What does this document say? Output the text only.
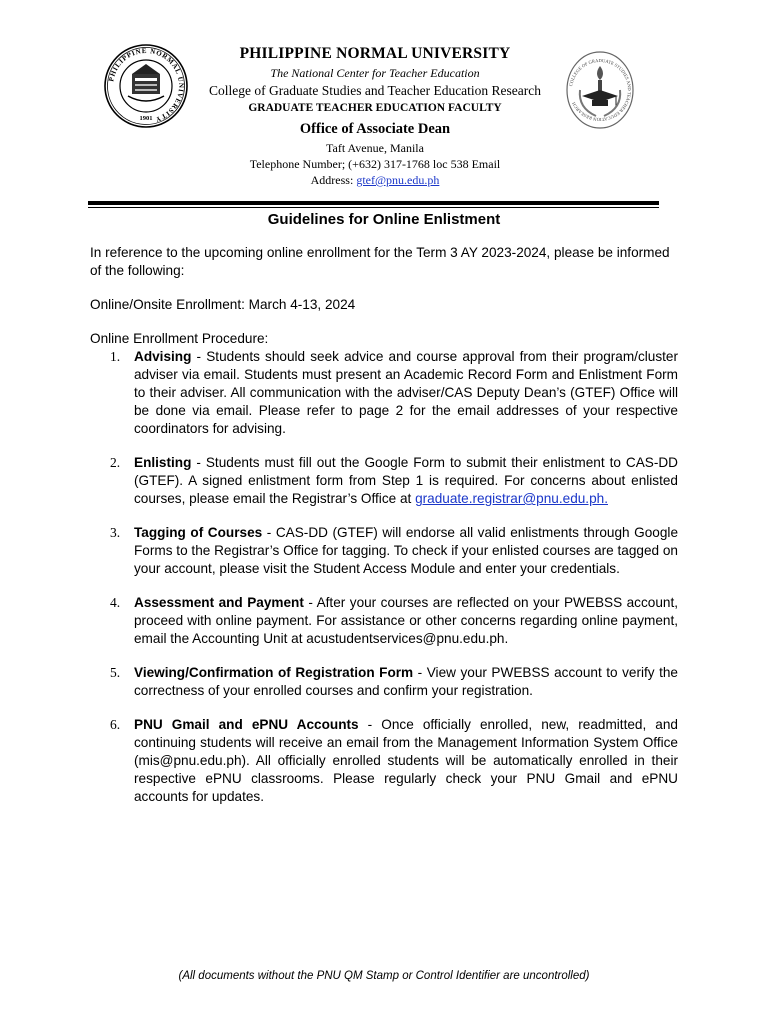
PHILIPPINE NORMAL UNIVERSITY
1901
PHILIPPINE NORMAL UNIVERSITY
The National Center for Teacher Education
College of Graduate Studies and Teacher Education Research
GRADUATE TEACHER EDUCATION FACULTY
Office of Associate Dean
Taft Avenue, Manila
Telephone Number; (+632) 317-1768 loc 538 Email
Address: gtef@pnu.edu.ph
COLLEGE OF GRADUATE STUDIES AND TEACHER EDUCATION RESEARCH
Guidelines for Online Enlistment

In reference to the upcoming online enrollment for the Term 3 AY 2023-2024, please be informed of the following:

Online/Onsite Enrollment: March 4-13, 2024

Online Enrollment Procedure:

1. Advising - Students should seek advice and course approval from their program/cluster adviser via email. Students must present an Academic Record Form and Enlistment Form to their adviser. All communication with the adviser/CAS Deputy Dean’s (GTEF) Office will be done via email. Please refer to page 2 for the email addresses of your respective coordinators for advising.
2. Enlisting - Students must fill out the Google Form to submit their enlistment to CAS-DD (GTEF). A signed enlistment form from Step 1 is required. For concerns about enlisted courses, please email the Registrar’s Office at graduate.registrar@pnu.edu.ph.
3. Tagging of Courses - CAS-DD (GTEF) will endorse all valid enlistments through Google Forms to the Registrar’s Office for tagging. To check if your enlisted courses are tagged on your account, please visit the Student Access Module and enter your credentials.
4. Assessment and Payment - After your courses are reflected on your PWEBSS account, proceed with online payment. For assistance or other concerns regarding online payment, email the Accounting Unit at acustudentservices@pnu.edu.ph.
5. Viewing/Confirmation of Registration Form - View your PWEBSS account to verify the correctness of your enrolled courses and confirm your registration.
6. PNU Gmail and ePNU Accounts - Once officially enrolled, new, readmitted, and continuing students will receive an email from the Management Information System Office (mis@pnu.edu.ph). All officially enrolled students will be automatically enrolled in their respective ePNU classrooms. Please regularly check your PNU Gmail and ePNU accounts for updates.
(All documents without the PNU QM Stamp or Control Identifier are uncontrolled)
